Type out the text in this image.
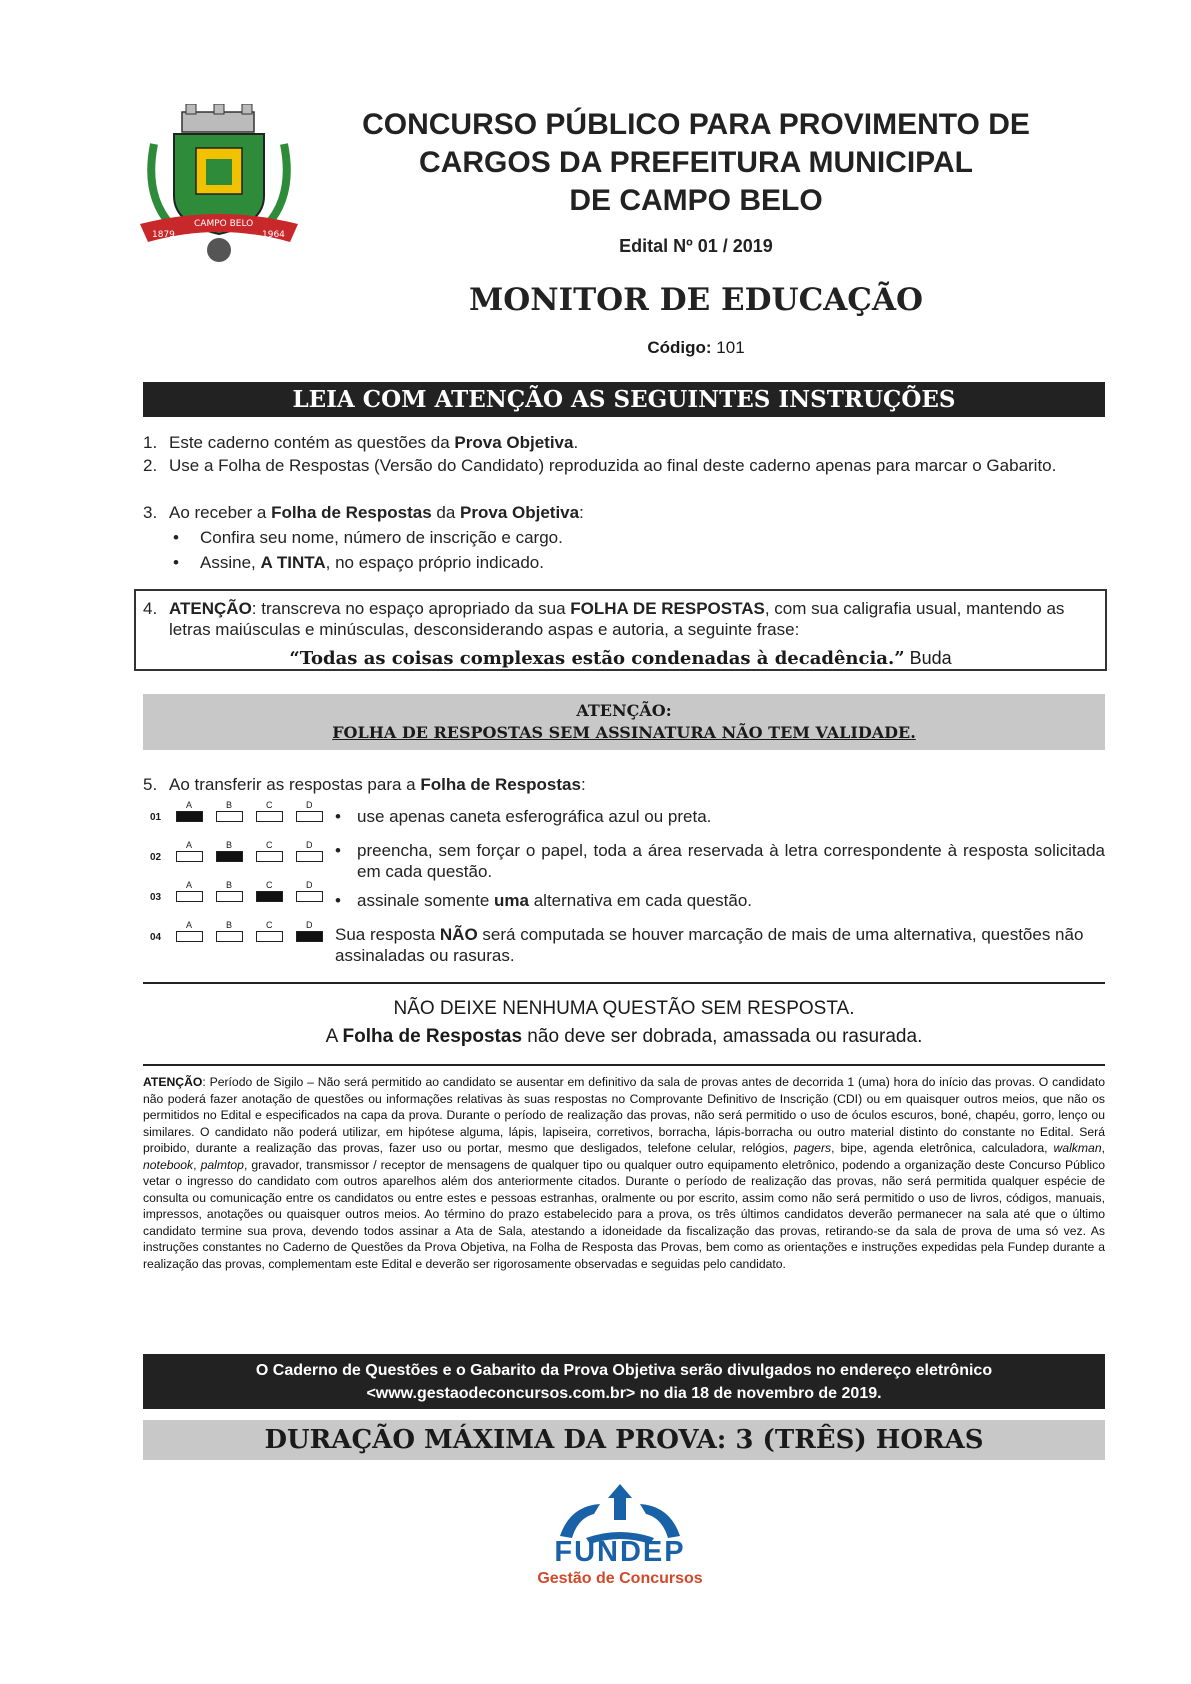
1879
CAMPO BELO
1964
CONCURSO PÚBLICO PARA PROVIMENTO DE
CARGOS DA PREFEITURA MUNICIPAL
DE CAMPO BELO
Edital Nº 01 / 2019
MONITOR DE EDUCAÇÃO
Código: 101
LEIA COM ATENÇÃO AS SEGUINTES INSTRUÇÕES
1. Este caderno contém as questões da Prova Objetiva.
2. Use a Folha de Respostas (Versão do Candidato) reproduzida ao final deste caderno apenas para marcar o Gabarito.
3. Ao receber a Folha de Respostas da Prova Objetiva:
• Confira seu nome, número de inscrição e cargo.
• Assine, A TINTA, no espaço próprio indicado.
4. ATENÇÃO: transcreva no espaço apropriado da sua FOLHA DE RESPOSTAS, com sua caligrafia usual, mantendo as letras maiúsculas e minúsculas, desconsiderando aspas e autoria, a seguinte frase:
“Todas as coisas complexas estão condenadas à decadência.” Buda
ATENÇÃO:
FOLHA DE RESPOSTAS SEM ASSINATURA NÃO TEM VALIDADE.
5. Ao transferir as respostas para a Folha de Respostas:
01
A	B	C	D
02
A	B	C	D
03
A	B	C	D
04
A	B	C	D
• use apenas caneta esferográfica azul ou preta.
• preencha, sem forçar o papel, toda a área reservada à letra correspondente à resposta solicitada em cada questão.
• assinale somente uma alternativa em cada questão.
Sua resposta NÃO será computada se houver marcação de mais de uma alternativa, questões não assinaladas ou rasuras.
NÃO DEIXE NENHUMA QUESTÃO SEM RESPOSTA.
A Folha de Respostas não deve ser dobrada, amassada ou rasurada.
ATENÇÃO: Período de Sigilo – Não será permitido ao candidato se ausentar em definitivo da sala de provas antes de decorrida 1 (uma) hora do início das provas. O candidato não poderá fazer anotação de questões ou informações relativas às suas respostas no Comprovante Definitivo de Inscrição (CDI) ou em quaisquer outros meios, que não os permitidos no Edital e especificados na capa da prova. Durante o período de realização das provas, não será permitido o uso de óculos escuros, boné, chapéu, gorro, lenço ou similares. O candidato não poderá utilizar, em hipótese alguma, lápis, lapiseira, corretivos, borracha, lápis-borracha ou outro material distinto do constante no Edital. Será proibido, durante a realização das provas, fazer uso ou portar, mesmo que desligados, telefone celular, relógios, pagers, bipe, agenda eletrônica, calculadora, walkman, notebook, palmtop, gravador, transmissor / receptor de mensagens de qualquer tipo ou qualquer outro equipamento eletrônico, podendo a organização deste Concurso Público vetar o ingresso do candidato com outros aparelhos além dos anteriormente citados. Durante o período de realização das provas, não será permitida qualquer espécie de consulta ou comunicação entre os candidatos ou entre estes e pessoas estranhas, oralmente ou por escrito, assim como não será permitido o uso de livros, códigos, manuais, impressos, anotações ou quaisquer outros meios. Ao término do prazo estabelecido para a prova, os três últimos candidatos deverão permanecer na sala até que o último candidato termine sua prova, devendo todos assinar a Ata de Sala, atestando a idoneidade da fiscalização das provas, retirando-se da sala de prova de uma só vez. As instruções constantes no Caderno de Questões da Prova Objetiva, na Folha de Resposta das Provas, bem como as orientações e instruções expedidas pela Fundep durante a realização das provas, complementam este Edital e deverão ser rigorosamente observadas e seguidas pelo candidato.
O Caderno de Questões e o Gabarito da Prova Objetiva serão divulgados no endereço eletrônico
<www.gestaodeconcursos.com.br> no dia 18 de novembro de 2019.
DURAÇÃO MÁXIMA DA PROVA: 3 (TRÊS) HORAS
FUNDEP
Gestão de Concursos
